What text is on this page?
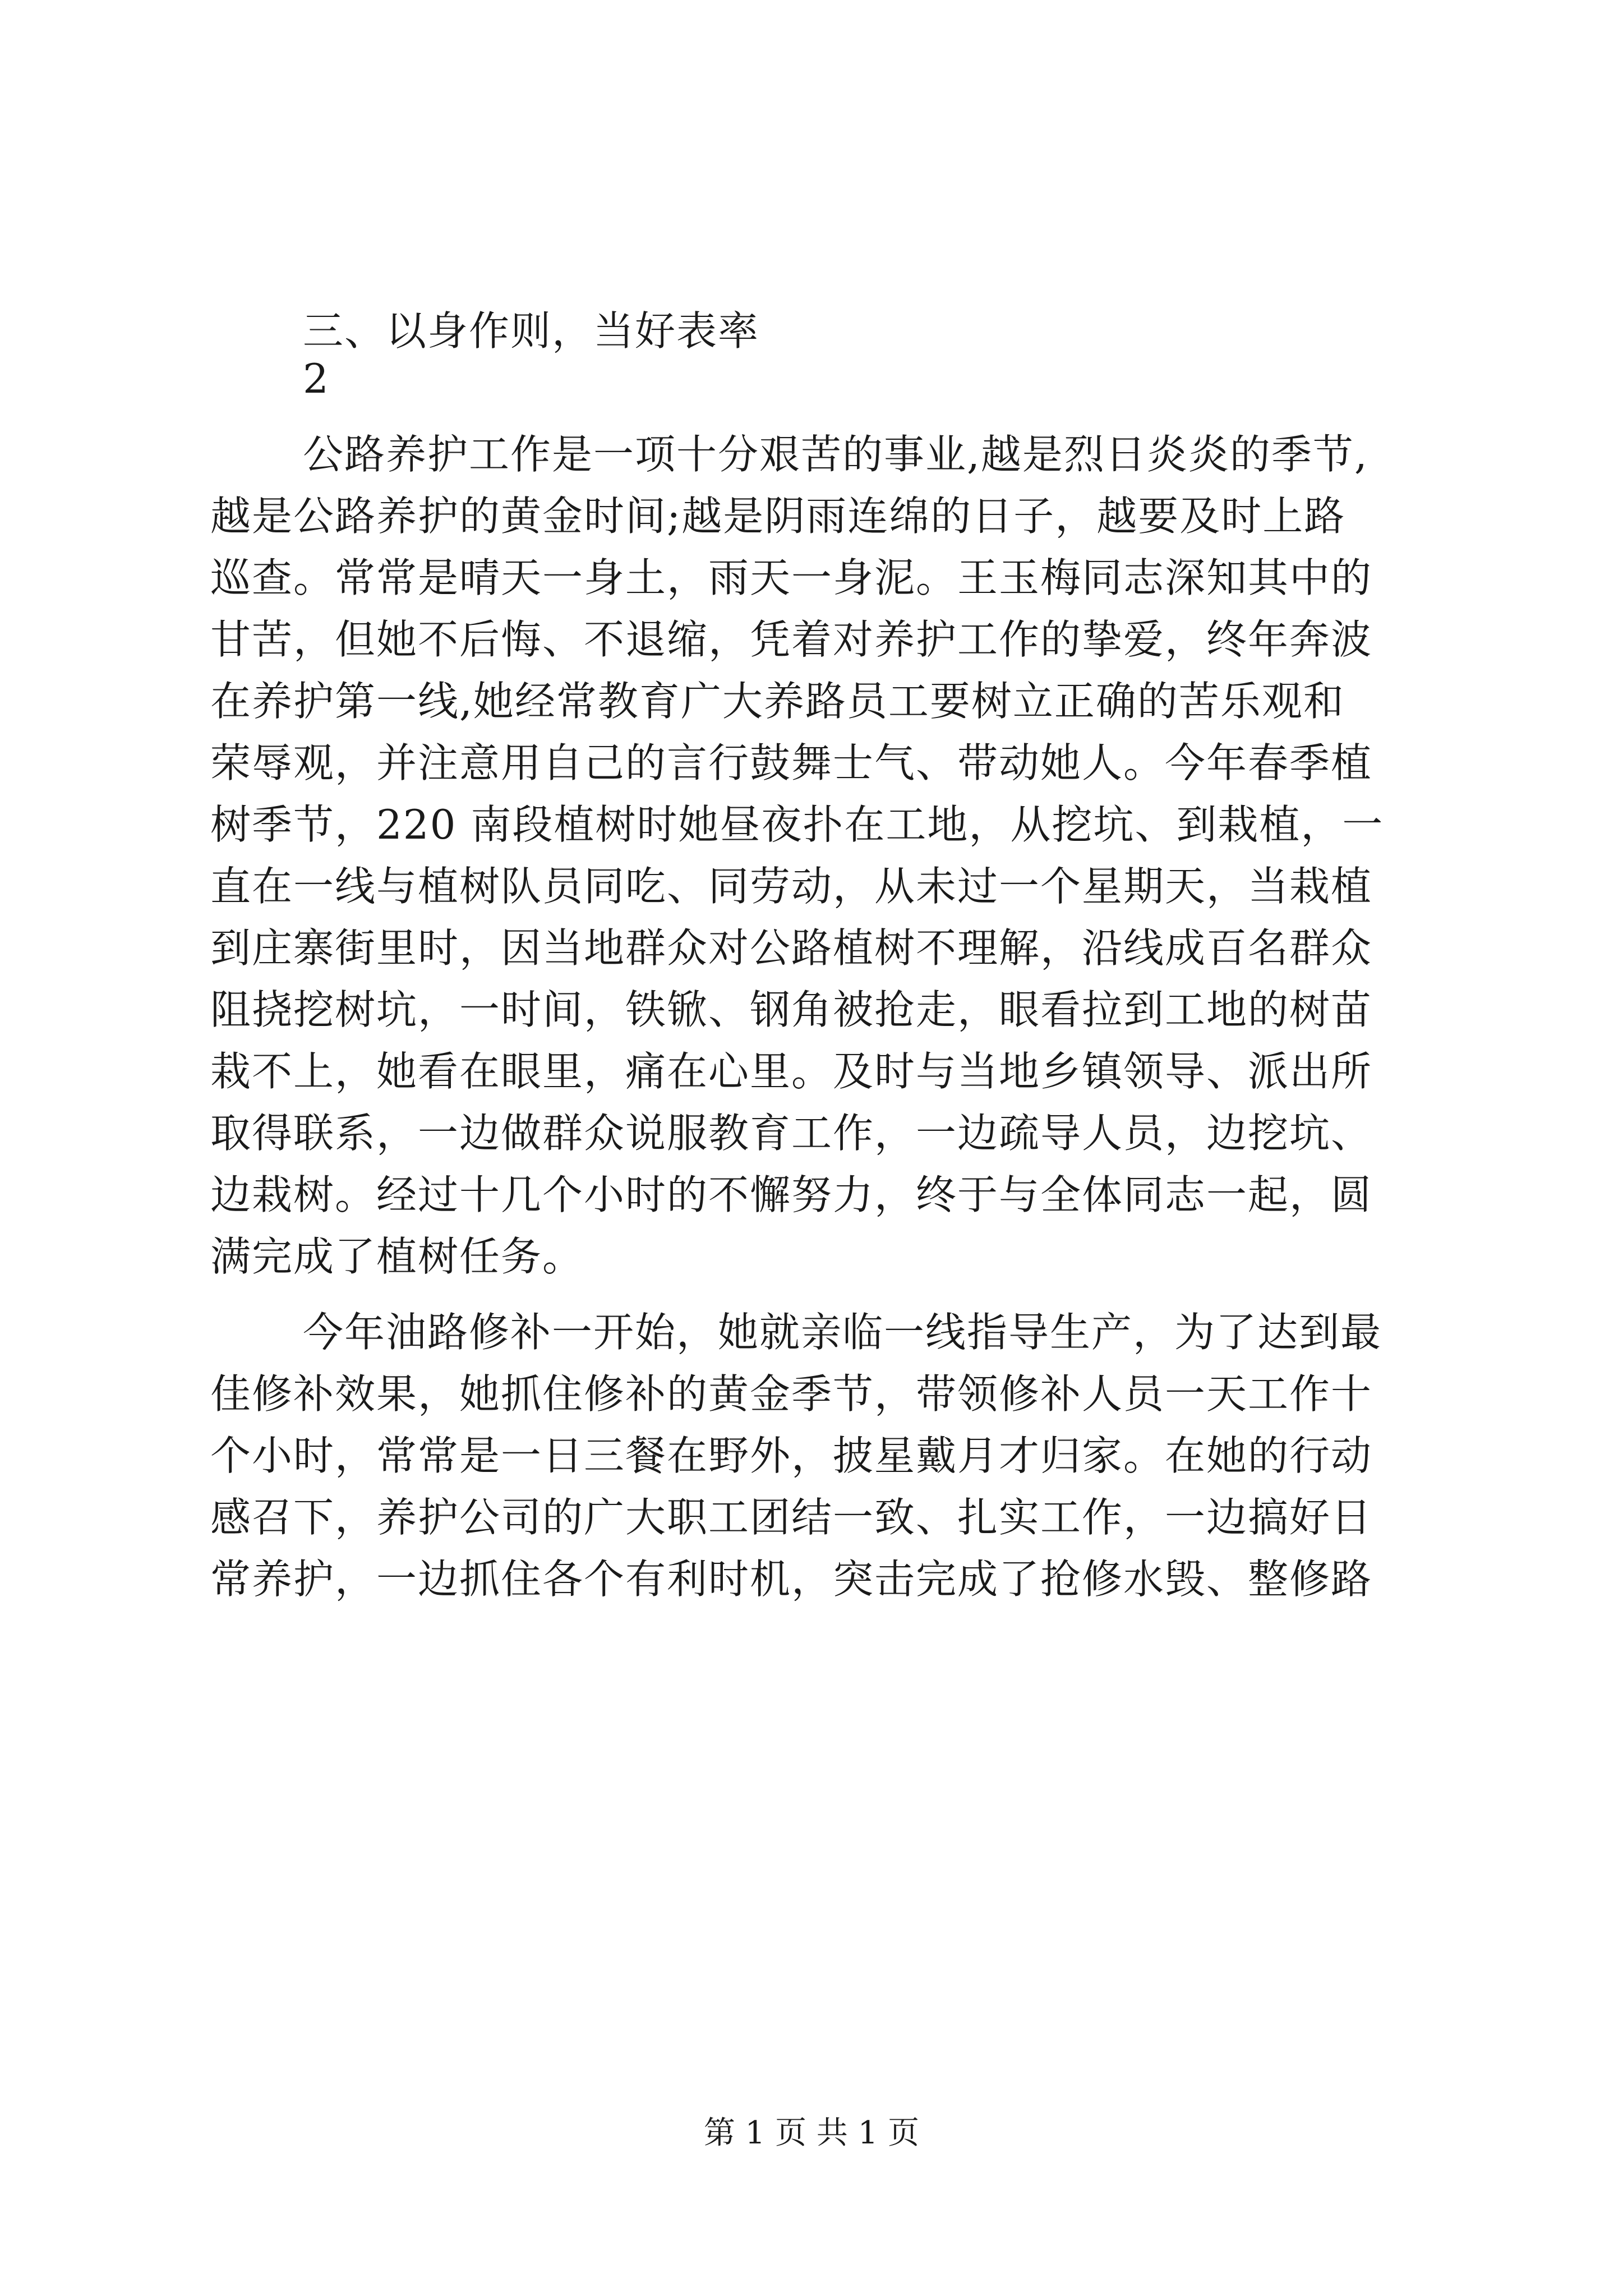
三、以身作则，当好表率
2
公路养护工作是一项十分艰苦的事业,越是烈日炎炎的季节,
越是公路养护的黄金时间;越是阴雨连绵的日子，越要及时上路
巡查。常常是晴天一身土，雨天一身泥。王玉梅同志深知其中的
甘苦，但她不后悔、不退缩，凭着对养护工作的挚爱，终年奔波
在养护第一线,她经常教育广大养路员工要树立正确的苦乐观和
荣辱观，并注意用自己的言行鼓舞士气、带动她人。今年春季植
树季节，220 南段植树时她昼夜扑在工地，从挖坑、到栽植，一
直在一线与植树队员同吃、同劳动，从未过一个星期天，当栽植
到庄寨街里时，因当地群众对公路植树不理解，沿线成百名群众
阻挠挖树坑，一时间，铁锨、钢角被抢走，眼看拉到工地的树苗
栽不上，她看在眼里，痛在心里。及时与当地乡镇领导、派出所
取得联系，一边做群众说服教育工作，一边疏导人员，边挖坑、
边栽树。经过十几个小时的不懈努力，终于与全体同志一起，圆
满完成了植树任务。
今年油路修补一开始，她就亲临一线指导生产，为了达到最
佳修补效果，她抓住修补的黄金季节，带领修补人员一天工作十
个小时，常常是一日三餐在野外，披星戴月才归家。在她的行动
感召下，养护公司的广大职工团结一致、扎实工作，一边搞好日
常养护，一边抓住各个有利时机，突击完成了抢修水毁、整修路
第 1 页 共 1 页
